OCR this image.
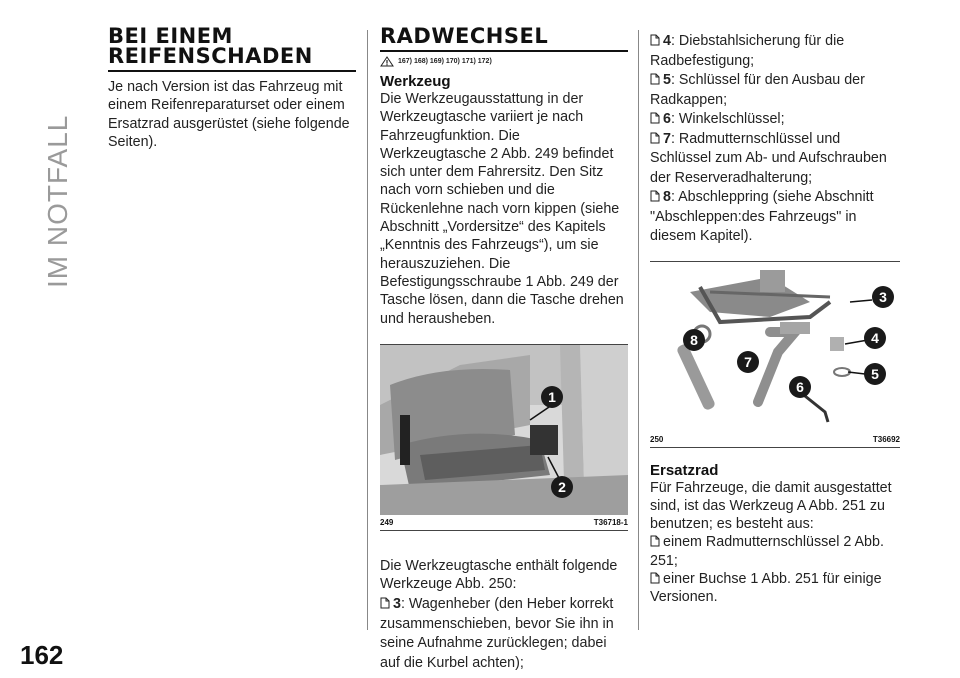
IM NOTFALL
162
BEI EINEM REIFENSCHADEN

Je nach Version ist das Fahrzeug mit einem Reifenreparaturset oder einem Ersatzrad ausgerüstet (siehe folgende Seiten).

RADWECHSEL
167) 168) 169) 170) 171) 172)
Werkzeug

Die Werkzeugausstattung in der Werkzeugtasche variiert je nach Fahrzeugfunktion. Die Werkzeugtasche 2 Abb. 249 befindet sich unter dem Fahrersitz. Den Sitz nach vorn schieben und die Rückenlehne nach vorn kippen (siehe Abschnitt „Vordersitze“ des Kapitels „Kenntnis des Fahrzeugs“), um sie herauszuziehen. Die Befestigungsschraube 1 Abb. 249 der Tasche lösen, dann die Tasche drehen und herausheben.

1
2
249	T36718-1

Die Werkzeugtasche enthält folgende Werkzeuge Abb. 250:

3: Wagenheber (den Heber korrekt zusammenschieben, bevor Sie ihn in seine Aufnahme zurücklegen; dabei auf die Kurbel achten);
4: Diebstahlsicherung für die Radbefestigung;
5: Schlüssel für den Ausbau der Radkappen;
6: Winkelschlüssel;
7: Radmutternschlüssel und Schlüssel zum Ab- und Aufschrauben der Reserveradhalterung;
8: Abschleppring (siehe Abschnitt "Abschleppen:des Fahrzeugs" in diesem Kapitel).
3
4
5
6
7
8
250	T36692
Ersatzrad

Für Fahrzeuge, die damit ausgestattet sind, ist das Werkzeug A Abb. 251 zu benutzen; es besteht aus:

einem Radmutternschlüssel 2 Abb. 251;
einer Buchse 1 Abb. 251 für einige Versionen.
